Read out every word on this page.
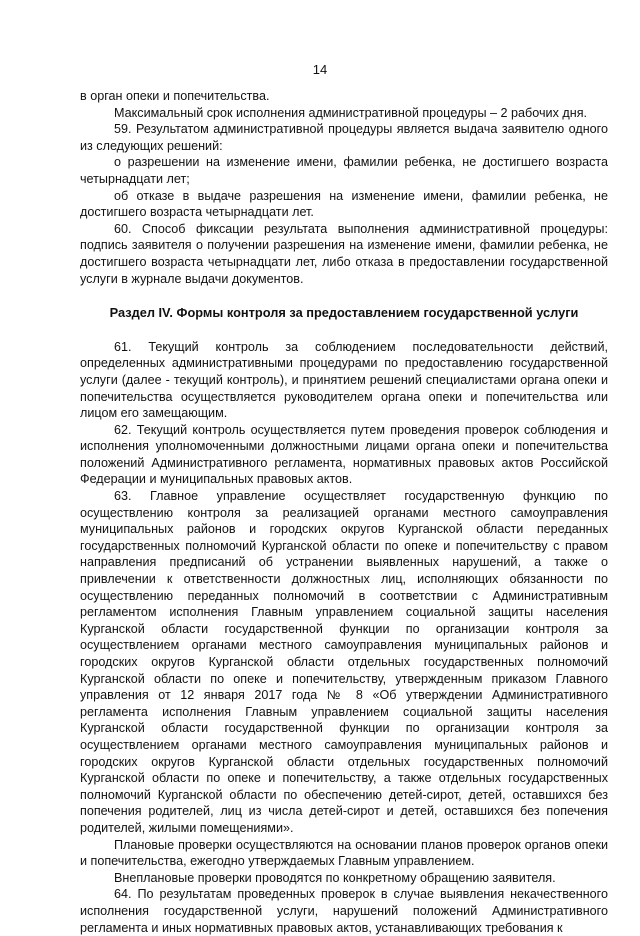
14

в орган опеки и попечительства.

Максимальный срок исполнения административной процедуры – 2 рабочих дня.

59. Результатом административной процедуры является выдача заявителю одного из следующих решений:

о разрешении на изменение имени, фамилии ребенка, не достигшего возраста четырнадцати лет;

об отказе в выдаче разрешения на изменение имени, фамилии ребенка, не достигшего возраста четырнадцати лет.

60. Способ фиксации результата выполнения административной процедуры: подпись заявителя о получении разрешения на изменение имени, фамилии ребенка, не достигшего возраста четырнадцати лет, либо отказа в предоставлении государственной услуги в журнале выдачи документов.

Раздел IV. Формы контроля за предоставлением государственной услуги

61. Текущий контроль за соблюдением последовательности действий, определенных административными процедурами по предоставлению государственной услуги (далее - текущий контроль), и принятием решений специалистами органа опеки и попечительства осуществляется руководителем органа опеки и попечительства или лицом его замещающим.

62. Текущий контроль осуществляется путем проведения проверок соблюдения и исполнения уполномоченными должностными лицами органа опеки и попечительства положений Административного регламента, нормативных правовых актов Российской Федерации и муниципальных правовых актов.

63. Главное управление осуществляет государственную функцию по осуществлению контроля за реализацией органами местного самоуправления муниципальных районов и городских округов Курганской области переданных государственных полномочий Курганской области по опеке и попечительству с правом направления предписаний об устранении выявленных нарушений, а также о привлечении к ответственности должностных лиц, исполняющих обязанности по осуществлению переданных полномочий в соответствии с Административным регламентом исполнения Главным управлением социальной защиты населения Курганской области государственной функции по организации контроля за осуществлением органами местного самоуправления муниципальных районов и городских округов Курганской области отдельных государственных полномочий Курганской области по опеке и попечительству, утвержденным приказом Главного управления от 12 января 2017 года № 8 «Об утверждении Административного регламента исполнения Главным управлением социальной защиты населения Курганской области государственной функции по организации контроля за осуществлением органами местного самоуправления муниципальных районов и городских округов Курганской области отдельных государственных полномочий Курганской области по опеке и попечительству, а также отдельных государственных полномочий Курганской области по обеспечению детей-сирот, детей, оставшихся без попечения родителей, лиц из числа детей-сирот и детей, оставшихся без попечения родителей, жилыми помещениями».

Плановые проверки осуществляются на основании планов проверок органов опеки и попечительства, ежегодно утверждаемых Главным управлением.

Внеплановые проверки проводятся по конкретному обращению заявителя.

64. По результатам проведенных проверок в случае выявления некачественного исполнения государственной услуги, нарушений положений Административного регламента и иных нормативных правовых актов, устанавливающих требования к
